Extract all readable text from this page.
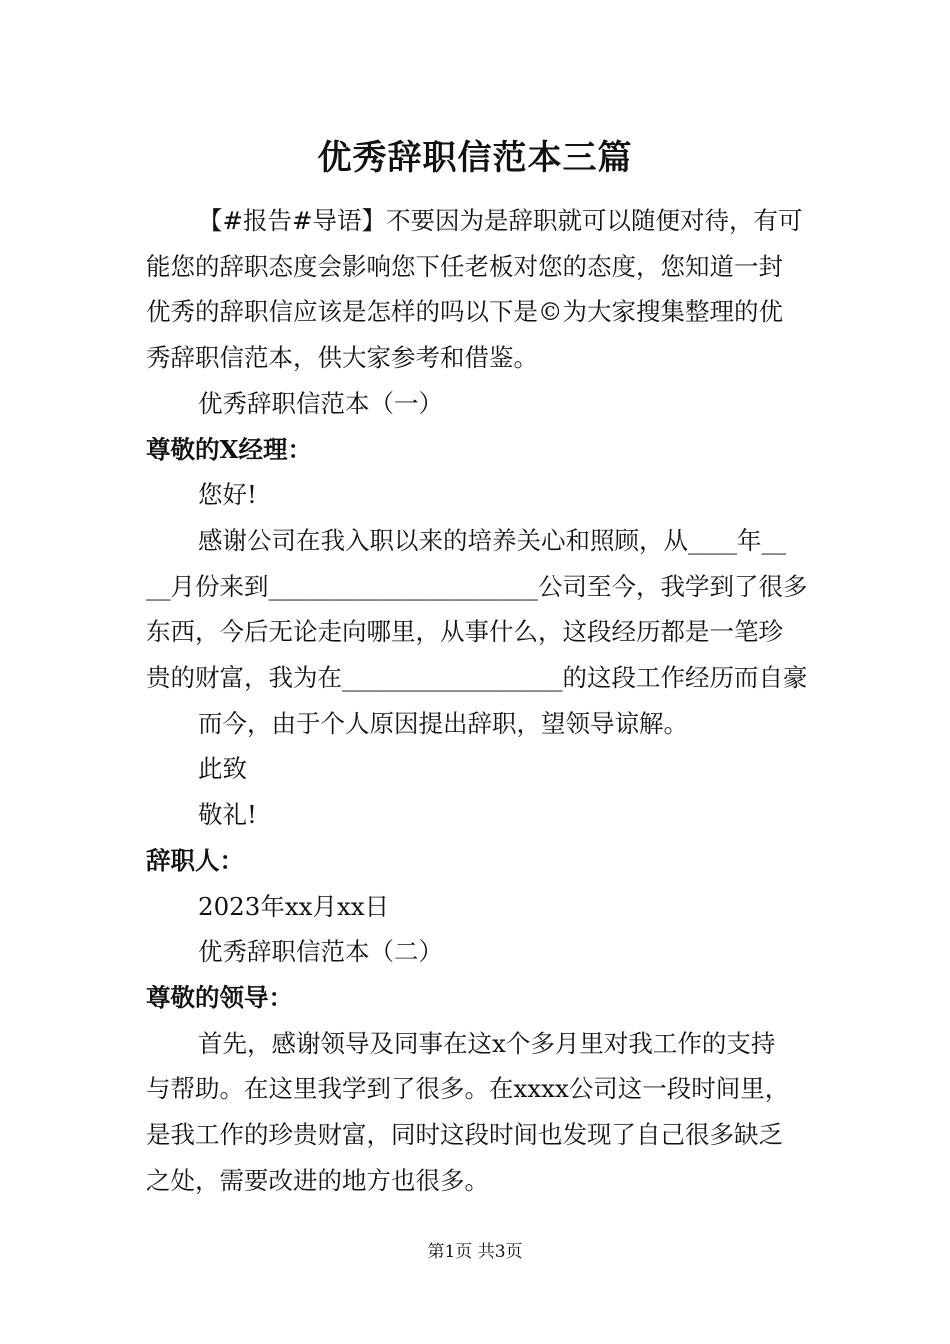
优秀辞职信范本三篇

【#报告#导语】不要因为是辞职就可以随便对待，有可

能您的辞职态度会影响您下任老板对您的态度，您知道一封

优秀的辞职信应该是怎样的吗以下是©为大家搜集整理的优

秀辞职信范本，供大家参考和借鉴。

优秀辞职信范本（一）

尊敬的X经理：

您好!

感谢公司在我入职以来的培养关心和照顾，从____年__

__月份来到______________________公司至今，我学到了很多

东西，今后无论走向哪里，从事什么，这段经历都是一笔珍

贵的财富，我为在__________________的这段工作经历而自豪

而今，由于个人原因提出辞职，望领导谅解。

此致

敬礼!

辞职人：

2023年xx月xx日

优秀辞职信范本（二）

尊敬的领导：

首先，感谢领导及同事在这x个多月里对我工作的支持

与帮助。在这里我学到了很多。在xxxx公司这一段时间里，

是我工作的珍贵财富，同时这段时间也发现了自己很多缺乏

之处，需要改进的地方也很多。

第1页 共3页
